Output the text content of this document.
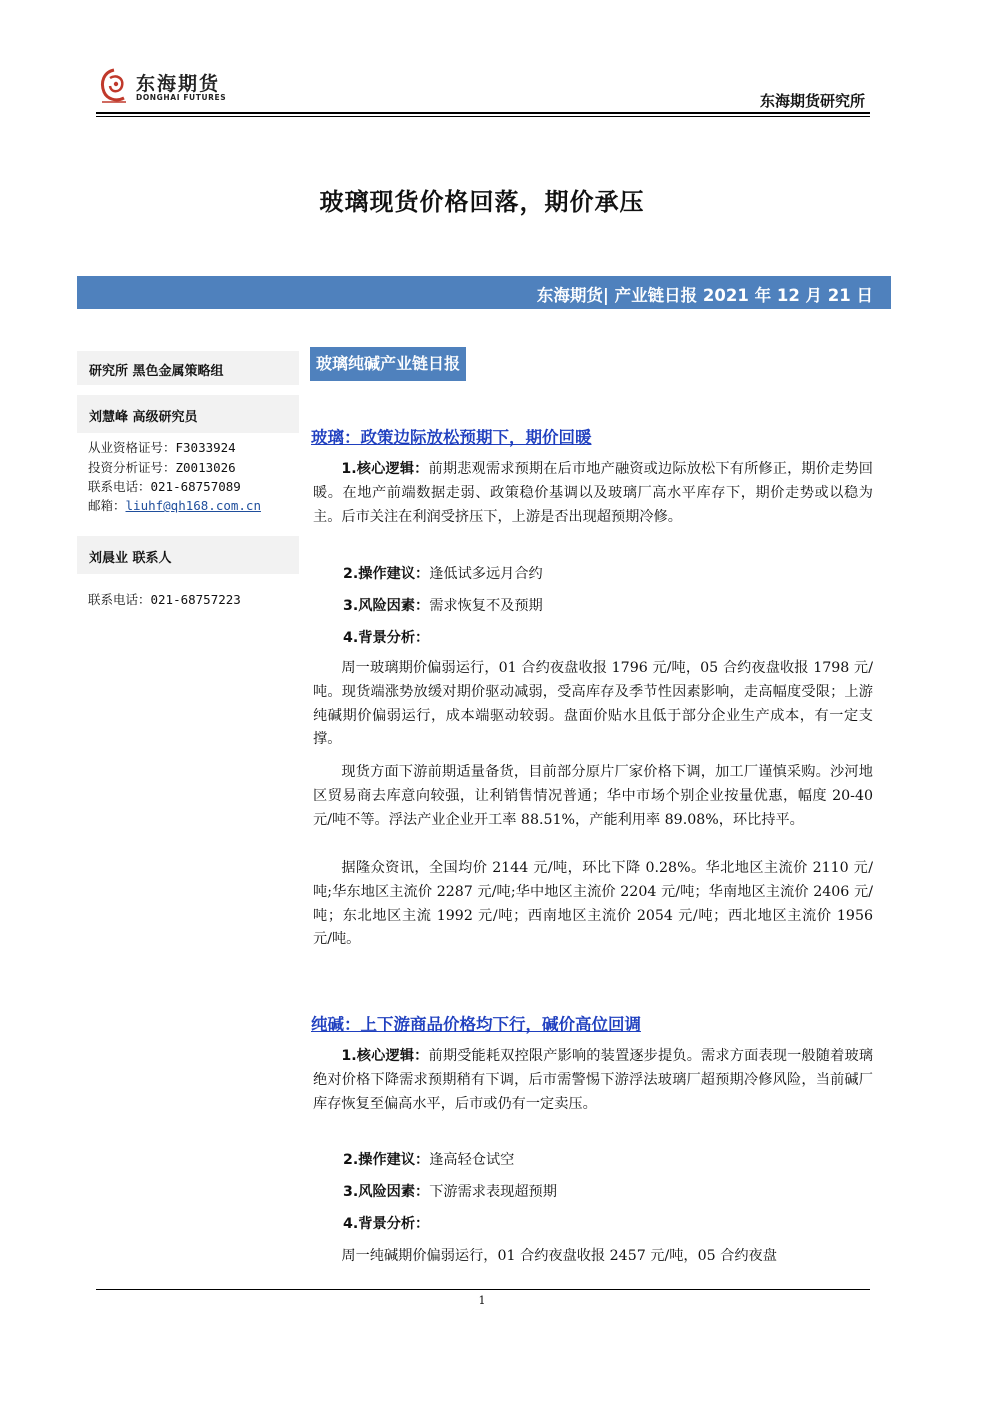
东海期货
DONGHAI FUTURES	东海期货研究所
玻璃现货价格回落，期价承压
东海期货| 产业链日报 2021 年 12 月 21 日
研究所 黑色金属策略组
刘慧峰 高级研究员
从业资格证号：F3033924
投资分析证号：Z0013026
联系电话：021-68757089
邮箱：liuhf@qh168.com.cn
刘晨业 联系人
联系电话：021-68757223
玻璃纯碱产业链日报
玻璃：政策边际放松预期下，期价回暖
1.核心逻辑：前期悲观需求预期在后市地产融资或边际放松下有所修正，期价走势回暖。在地产前端数据走弱、政策稳价基调以及玻璃厂高水平库存下，期价走势或以稳为主。后市关注在利润受挤压下，上游是否出现超预期冷修。
2.操作建议：逢低试多远月合约
3.风险因素：需求恢复不及预期
4.背景分析：
周一玻璃期价偏弱运行，01 合约夜盘收报 1796 元/吨，05 合约夜盘收报 1798 元/吨。现货端涨势放缓对期价驱动减弱，受高库存及季节性因素影响，走高幅度受限；上游纯碱期价偏弱运行，成本端驱动较弱。盘面价贴水且低于部分企业生产成本，有一定支撑。
现货方面下游前期适量备货，目前部分原片厂家价格下调，加工厂谨慎采购。沙河地区贸易商去库意向较强，让利销售情况普通；华中市场个别企业按量优惠，幅度 20-40 元/吨不等。浮法产业企业开工率 88.51%，产能利用率 89.08%，环比持平。
据隆众资讯，全国均价 2144 元/吨，环比下降 0.28%。华北地区主流价 2110 元/吨;华东地区主流价 2287 元/吨;华中地区主流价 2204 元/吨；华南地区主流价 2406 元/吨；东北地区主流 1992 元/吨；西南地区主流价 2054 元/吨；西北地区主流价 1956 元/吨。
纯碱：上下游商品价格均下行，碱价高位回调
1.核心逻辑：前期受能耗双控限产影响的装置逐步提负。需求方面表现一般随着玻璃绝对价格下降需求预期稍有下调，后市需警惕下游浮法玻璃厂超预期冷修风险，当前碱厂库存恢复至偏高水平，后市或仍有一定卖压。
2.操作建议：逢高轻仓试空
3.风险因素：下游需求表现超预期
4.背景分析：
周一纯碱期价偏弱运行，01 合约夜盘收报 2457 元/吨，05 合约夜盘
1
